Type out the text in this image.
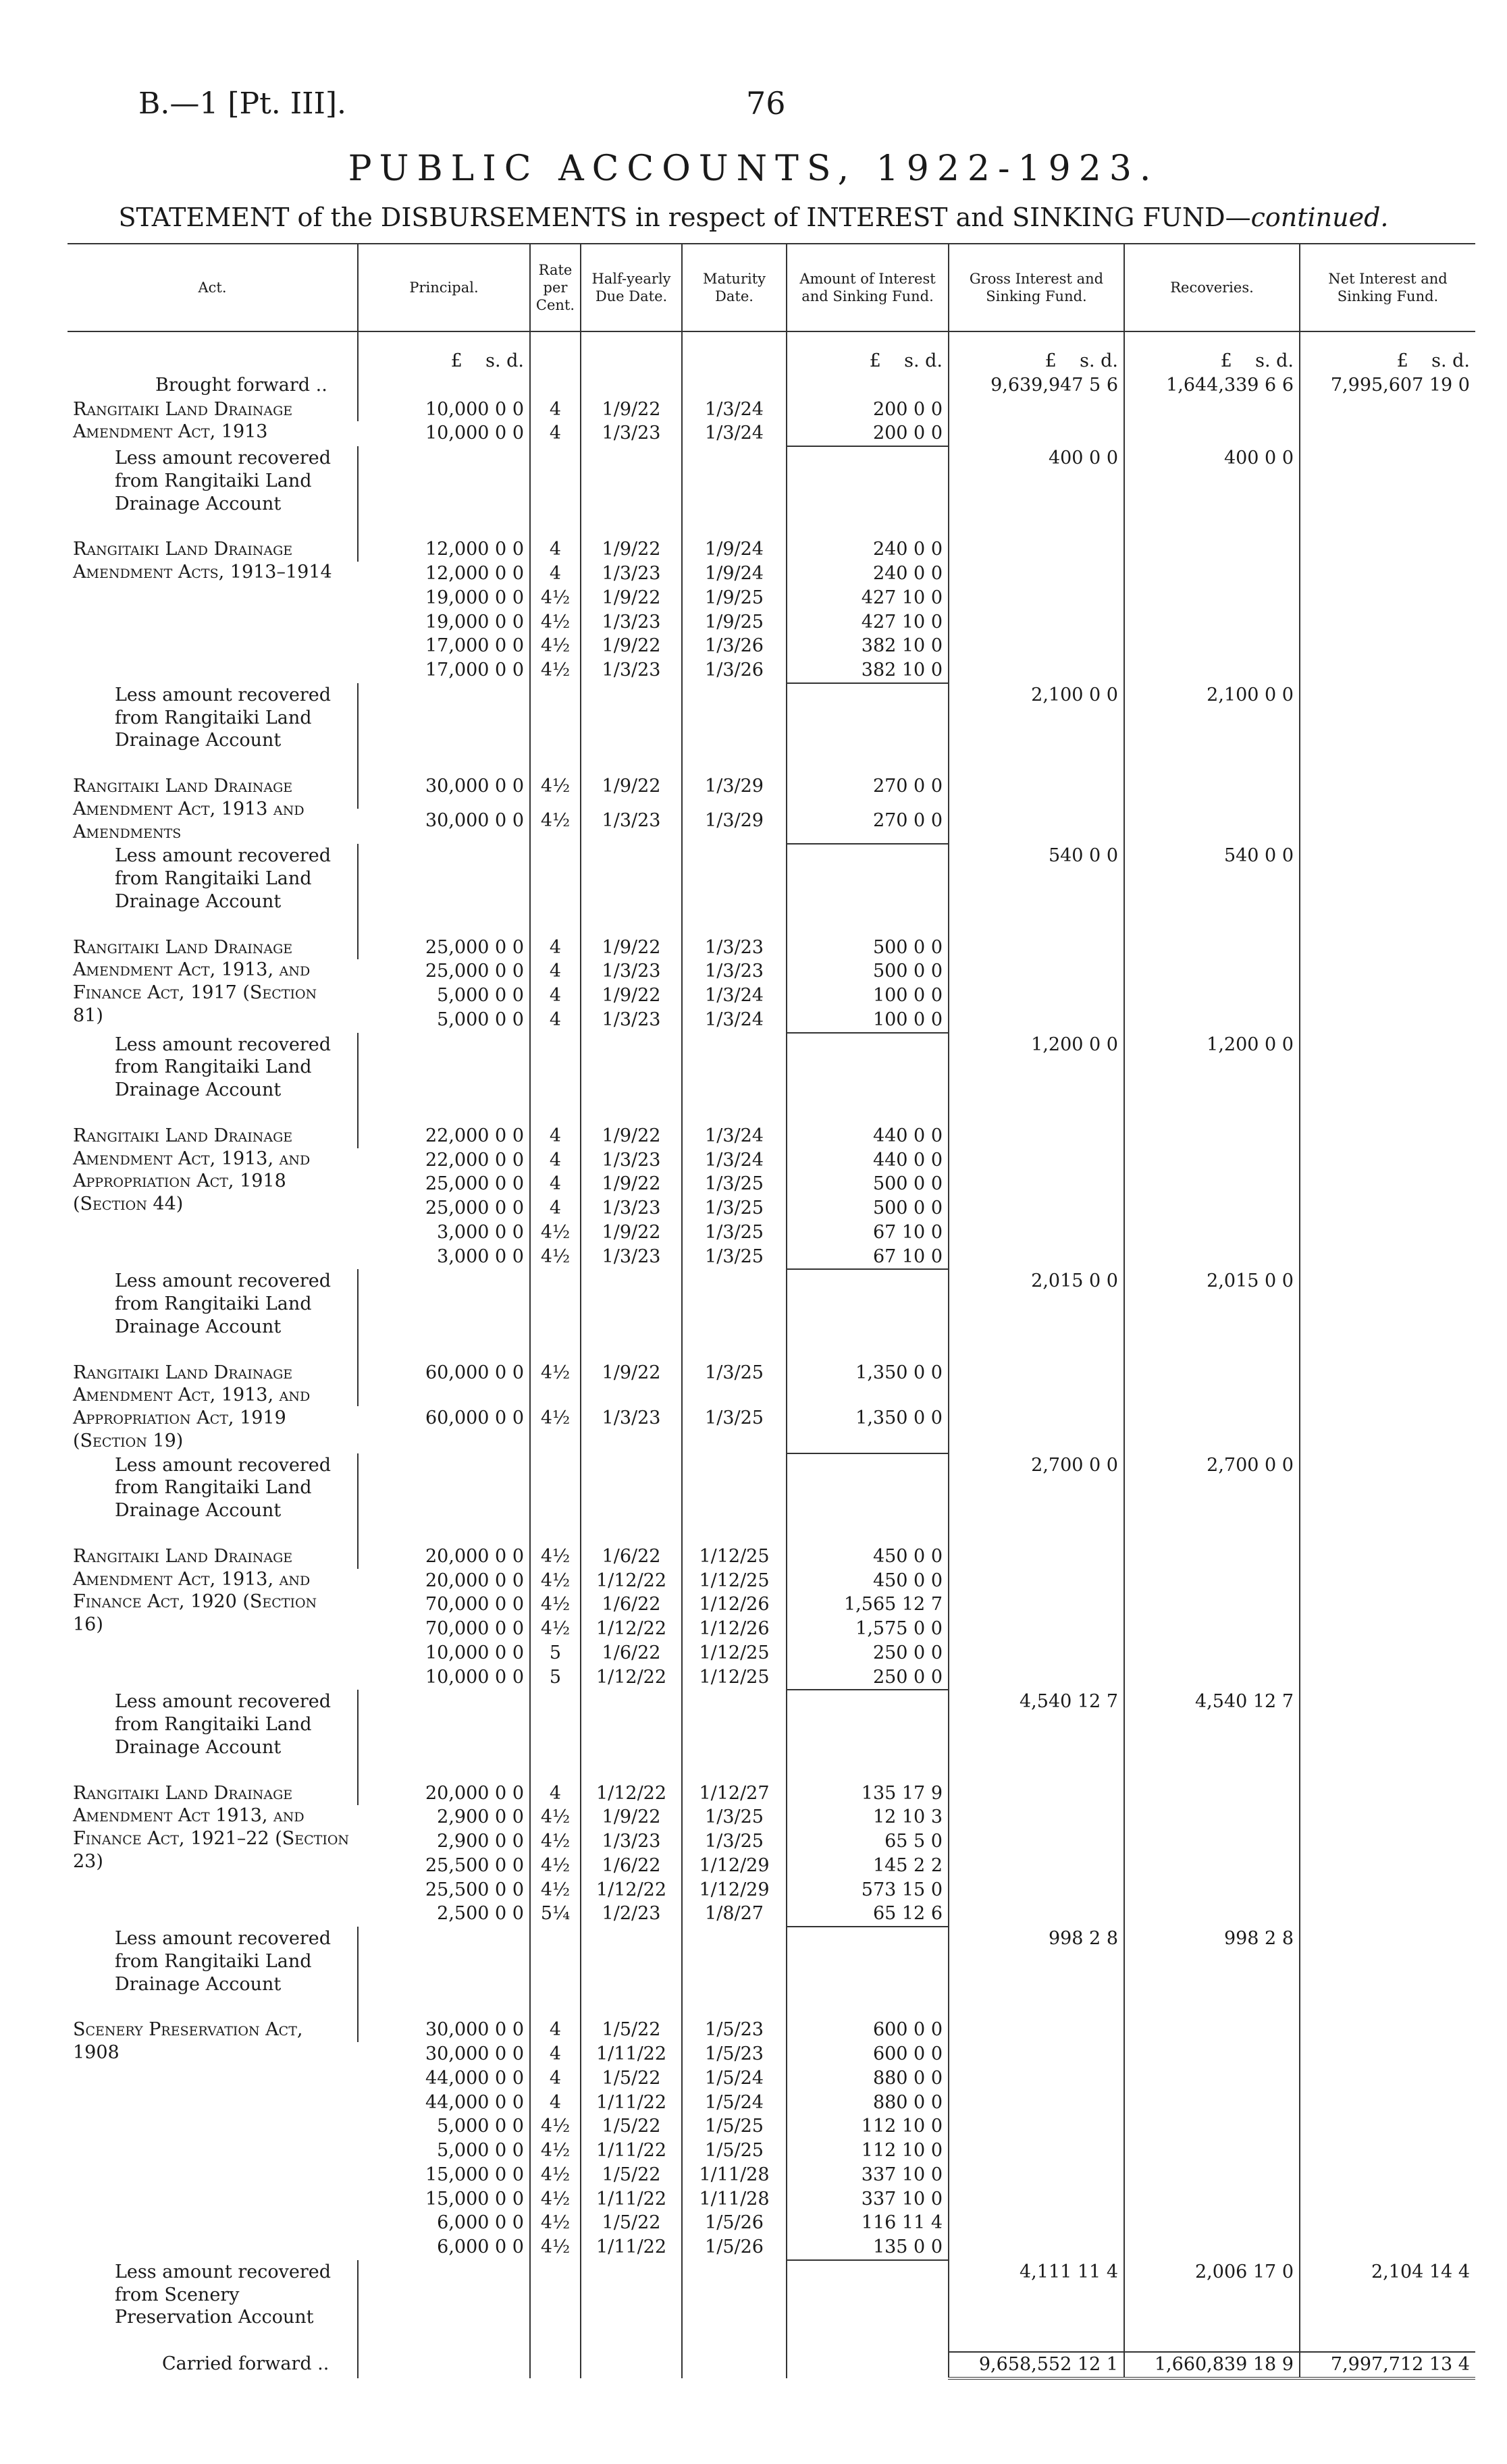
B.—1 [Pt. III].	76
PUBLIC ACCOUNTS, 1922-1923.
STATEMENT of the DISBURSEMENTS in respect of INTEREST and SINKING FUND—continued.
Act.	Principal.	Rate per Cent.	Half-yearly Due Date.	Maturity Date.	Amount of Interest and Sinking Fund.	Gross Interest and Sinking Fund.	Recoveries.	Net Interest and Sinking Fund.
	£ s. d.				£ s. d.	£ s. d.	£ s. d.	£ s. d.
Brought forward ..						9,639,947 5 6	1,644,339 6 6	7,995,607 19 0
Rangitaiki Land Drainage Amendment Act, 1913	10,000 0 0	4	1/9/22	1/3/24	200 0 0			
	10,000 0 0	4	1/3/23	1/3/24	200 0 0			
Less amount recovered from Rangitaiki Land Drainage Account						400 0 0	400 0 0	

Rangitaiki Land Drainage Amendment Acts, 1913–1914	12,000 0 0	4	1/9/22	1/9/24	240 0 0			
	12,000 0 0	4	1/3/23	1/9/24	240 0 0			
	19,000 0 0	4½	1/9/22	1/9/25	427 10 0			
	19,000 0 0	4½	1/3/23	1/9/25	427 10 0			
	17,000 0 0	4½	1/9/22	1/3/26	382 10 0			
	17,000 0 0	4½	1/3/23	1/3/26	382 10 0			
Less amount recovered from Rangitaiki Land Drainage Account						2,100 0 0	2,100 0 0	

Rangitaiki Land Drainage Amendment Act, 1913 and Amendments	30,000 0 0	4½	1/9/22	1/3/29	270 0 0			
	30,000 0 0	4½	1/3/23	1/3/29	270 0 0			
Less amount recovered from Rangitaiki Land Drainage Account						540 0 0	540 0 0	

Rangitaiki Land Drainage Amendment Act, 1913, and Finance Act, 1917 (Section 81)	25,000 0 0	4	1/9/22	1/3/23	500 0 0			
	25,000 0 0	4	1/3/23	1/3/23	500 0 0			
	5,000 0 0	4	1/9/22	1/3/24	100 0 0			
	5,000 0 0	4	1/3/23	1/3/24	100 0 0			
Less amount recovered from Rangitaiki Land Drainage Account						1,200 0 0	1,200 0 0	

Rangitaiki Land Drainage Amendment Act, 1913, and Appropriation Act, 1918 (Section 44)	22,000 0 0	4	1/9/22	1/3/24	440 0 0			
	22,000 0 0	4	1/3/23	1/3/24	440 0 0			
	25,000 0 0	4	1/9/22	1/3/25	500 0 0			
	25,000 0 0	4	1/3/23	1/3/25	500 0 0			
	3,000 0 0	4½	1/9/22	1/3/25	67 10 0			
	3,000 0 0	4½	1/3/23	1/3/25	67 10 0			
Less amount recovered from Rangitaiki Land Drainage Account						2,015 0 0	2,015 0 0	

Rangitaiki Land Drainage Amendment Act, 1913, and Appropriation Act, 1919 (Section 19)	60,000 0 0	4½	1/9/22	1/3/25	1,350 0 0			
	60,000 0 0	4½	1/3/23	1/3/25	1,350 0 0			
Less amount recovered from Rangitaiki Land Drainage Account						2,700 0 0	2,700 0 0	

Rangitaiki Land Drainage Amendment Act, 1913, and Finance Act, 1920 (Section 16)	20,000 0 0	4½	1/6/22	1/12/25	450 0 0			
	20,000 0 0	4½	1/12/22	1/12/25	450 0 0			
	70,000 0 0	4½	1/6/22	1/12/26	1,565 12 7			
	70,000 0 0	4½	1/12/22	1/12/26	1,575 0 0			
	10,000 0 0	5	1/6/22	1/12/25	250 0 0			
	10,000 0 0	5	1/12/22	1/12/25	250 0 0			
Less amount recovered from Rangitaiki Land Drainage Account						4,540 12 7	4,540 12 7	

Rangitaiki Land Drainage Amendment Act 1913, and Finance Act, 1921–22 (Section 23)	20,000 0 0	4	1/12/22	1/12/27	135 17 9			
	2,900 0 0	4½	1/9/22	1/3/25	12 10 3			
	2,900 0 0	4½	1/3/23	1/3/25	65 5 0			
	25,500 0 0	4½	1/6/22	1/12/29	145 2 2			
	25,500 0 0	4½	1/12/22	1/12/29	573 15 0			
	2,500 0 0	5¼	1/2/23	1/8/27	65 12 6			
Less amount recovered from Rangitaiki Land Drainage Account						998 2 8	998 2 8	

Scenery Preservation Act, 1908	30,000 0 0	4	1/5/22	1/5/23	600 0 0			
	30,000 0 0	4	1/11/22	1/5/23	600 0 0			
	44,000 0 0	4	1/5/22	1/5/24	880 0 0			
	44,000 0 0	4	1/11/22	1/5/24	880 0 0			
	5,000 0 0	4½	1/5/22	1/5/25	112 10 0			
	5,000 0 0	4½	1/11/22	1/5/25	112 10 0			
	15,000 0 0	4½	1/5/22	1/11/28	337 10 0			
	15,000 0 0	4½	1/11/22	1/11/28	337 10 0			
	6,000 0 0	4½	1/5/22	1/5/26	116 11 4			
	6,000 0 0	4½	1/11/22	1/5/26	135 0 0			
Less amount recovered from Scenery Preservation Account						4,111 11 4	2,006 17 0	2,104 14 4

Carried forward ..						9,658,552 12 1	1,660,839 18 9	7,997,712 13 4
